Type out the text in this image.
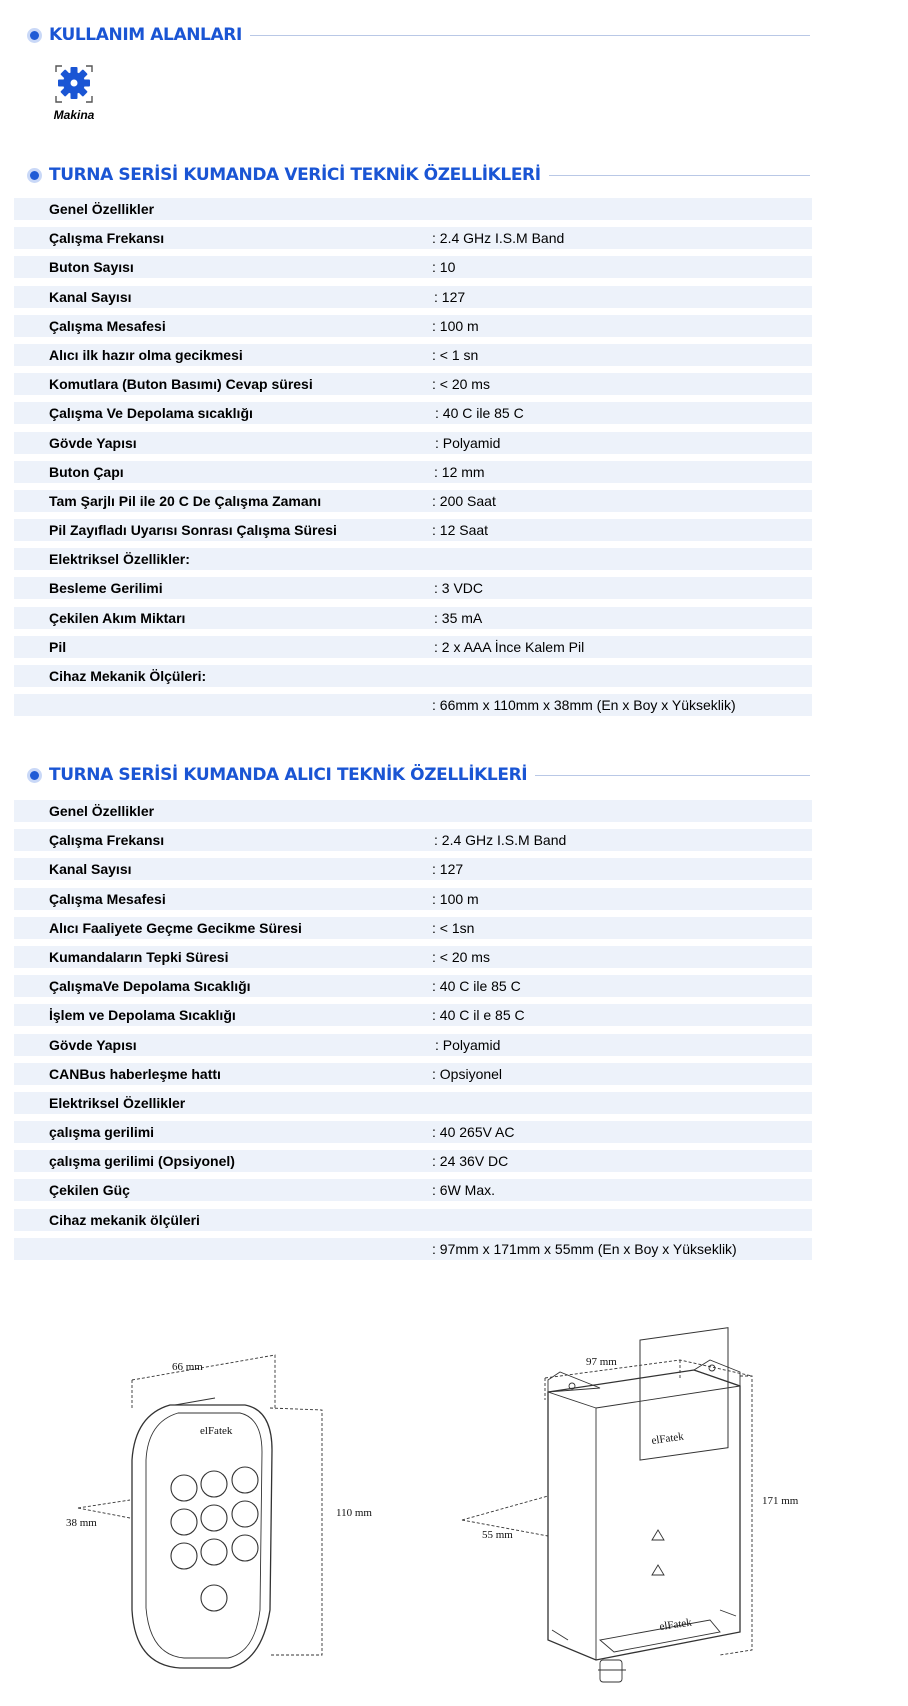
KULLANIM ALANLARI
Makina
TURNA SERİSİ KUMANDA VERİCİ TEKNİK ÖZELLİKLERİ
Genel Özellikler
Çalışma Frekansı	: 2.4 GHz I.S.M Band
Buton Sayısı	: 10
Kanal Sayısı	: 127
Çalışma Mesafesi	: 100 m
Alıcı ilk hazır olma gecikmesi	: < 1 sn
Komutlara (Buton Basımı) Cevap süresi	: < 20 ms
Çalışma Ve Depolama sıcaklığı	: 40 C ile 85 C
Gövde Yapısı	: Polyamid
Buton Çapı	: 12 mm
Tam Şarjlı Pil ile 20 C De Çalışma Zamanı	: 200 Saat
Pil Zayıfladı Uyarısı Sonrası Çalışma Süresi	: 12 Saat
Elektriksel Özellikler:
Besleme Gerilimi	: 3 VDC
Çekilen Akım Miktarı	: 35 mA
Pil	: 2 x AAA İnce Kalem Pil
Cihaz Mekanik Ölçüleri:
: 66mm x 110mm x 38mm (En x Boy x Yükseklik)
TURNA SERİSİ KUMANDA ALICI TEKNİK ÖZELLİKLERİ
Genel Özellikler
Çalışma Frekansı	: 2.4 GHz I.S.M Band
Kanal Sayısı	: 127
Çalışma Mesafesi	: 100 m
Alıcı Faaliyete Geçme Gecikme Süresi	: < 1sn
Kumandaların Tepki Süresi	: < 20 ms
ÇalışmaVe Depolama Sıcaklığı	: 40 C ile 85 C
İşlem ve Depolama Sıcaklığı	: 40 C il e 85 C
Gövde Yapısı	: Polyamid
CANBus haberleşme hattı	: Opsiyonel
Elektriksel Özellikler
çalışma gerilimi	: 40 265V AC
çalışma gerilimi (Opsiyonel)	: 24 36V DC
Çekilen Güç	: 6W Max.
Cihaz mekanik ölçüleri
: 97mm x 171mm x 55mm (En x Boy x Yükseklik)
66 mm
110 mm
38 mm
elFatek
97 mm
171 mm
55 mm
elFatek
elFatek
